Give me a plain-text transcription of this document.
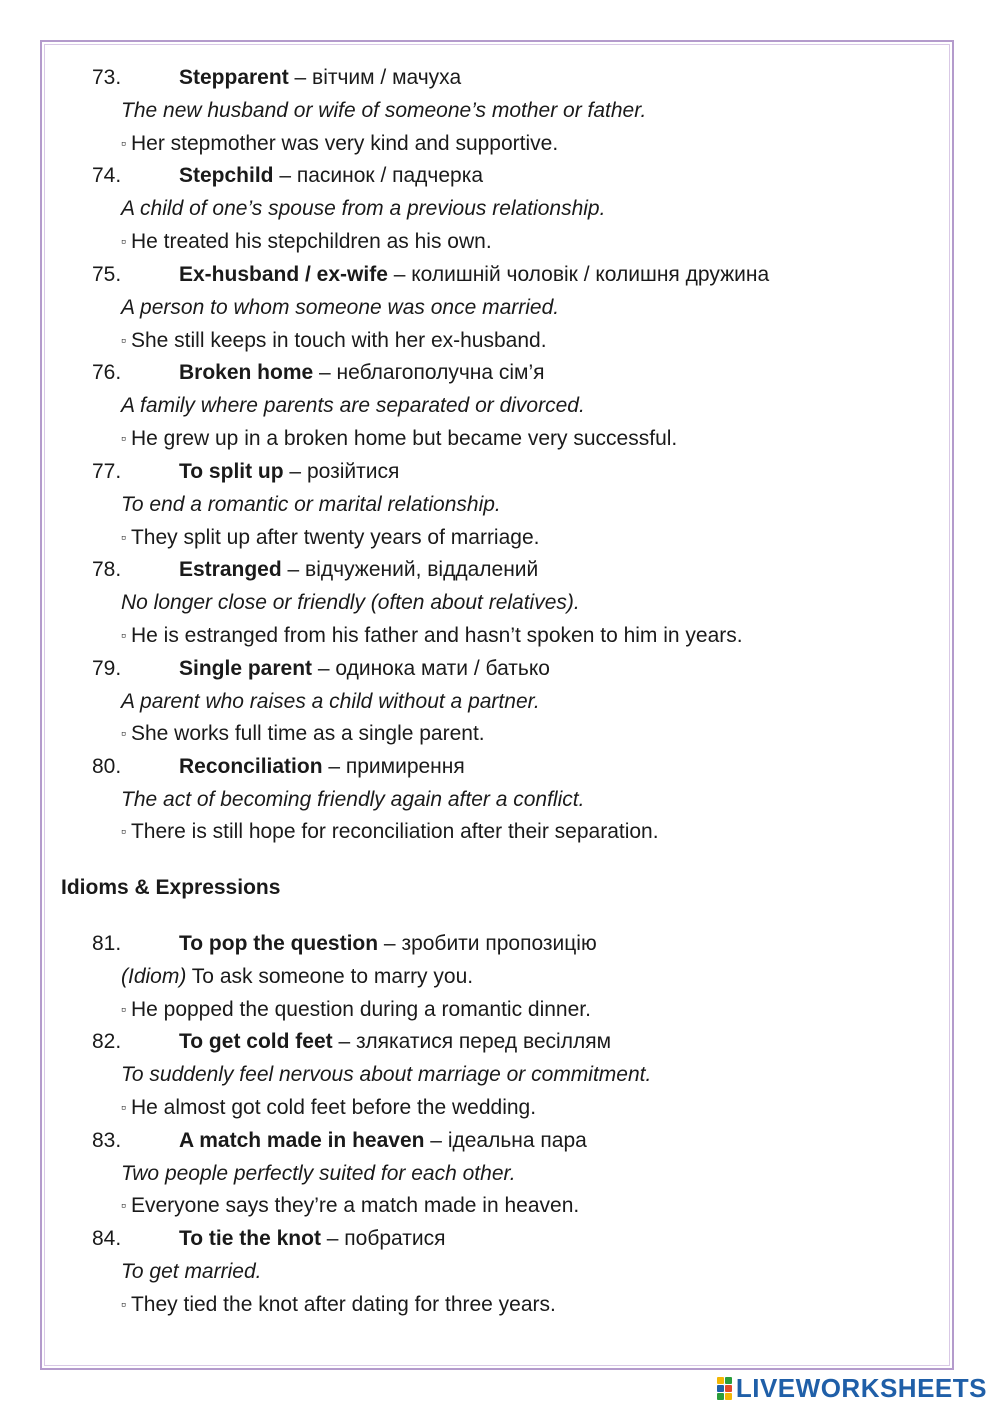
73.	Stepparent – вітчим / мачуха
The new husband or wife of someone’s mother or father.
▫ Her stepmother was very kind and supportive.
74.	Stepchild – пасинок / падчерка
A child of one’s spouse from a previous relationship.
▫ He treated his stepchildren as his own.
75.	Ex-husband / ex-wife – колишній чоловік / колишня дружина
A person to whom someone was once married.
▫ She still keeps in touch with her ex-husband.
76.	Broken home – неблагополучна сім’я
A family where parents are separated or divorced.
▫ He grew up in a broken home but became very successful.
77.	To split up – розійтися
To end a romantic or marital relationship.
▫ They split up after twenty years of marriage.
78.	Estranged – відчужений, віддалений
No longer close or friendly (often about relatives).
▫ He is estranged from his father and hasn’t spoken to him in years.
79.	Single parent – одинока мати / батько
A parent who raises a child without a partner.
▫ She works full time as a single parent.
80.	Reconciliation – примирення
The act of becoming friendly again after a conflict.
▫ There is still hope for reconciliation after their separation.
Idioms & Expressions
81.	To pop the question – зробити пропозицію
(Idiom) To ask someone to marry you.
▫ He popped the question during a romantic dinner.
82.	To get cold feet – злякатися перед весіллям
To suddenly feel nervous about marriage or commitment.
▫ He almost got cold feet before the wedding.
83.	A match made in heaven – ідеальна пара
Two people perfectly suited for each other.
▫ Everyone says they’re a match made in heaven.
84.	To tie the knot – побратися
To get married.
▫ They tied the knot after dating for three years.
LIVEWORKSHEETS
